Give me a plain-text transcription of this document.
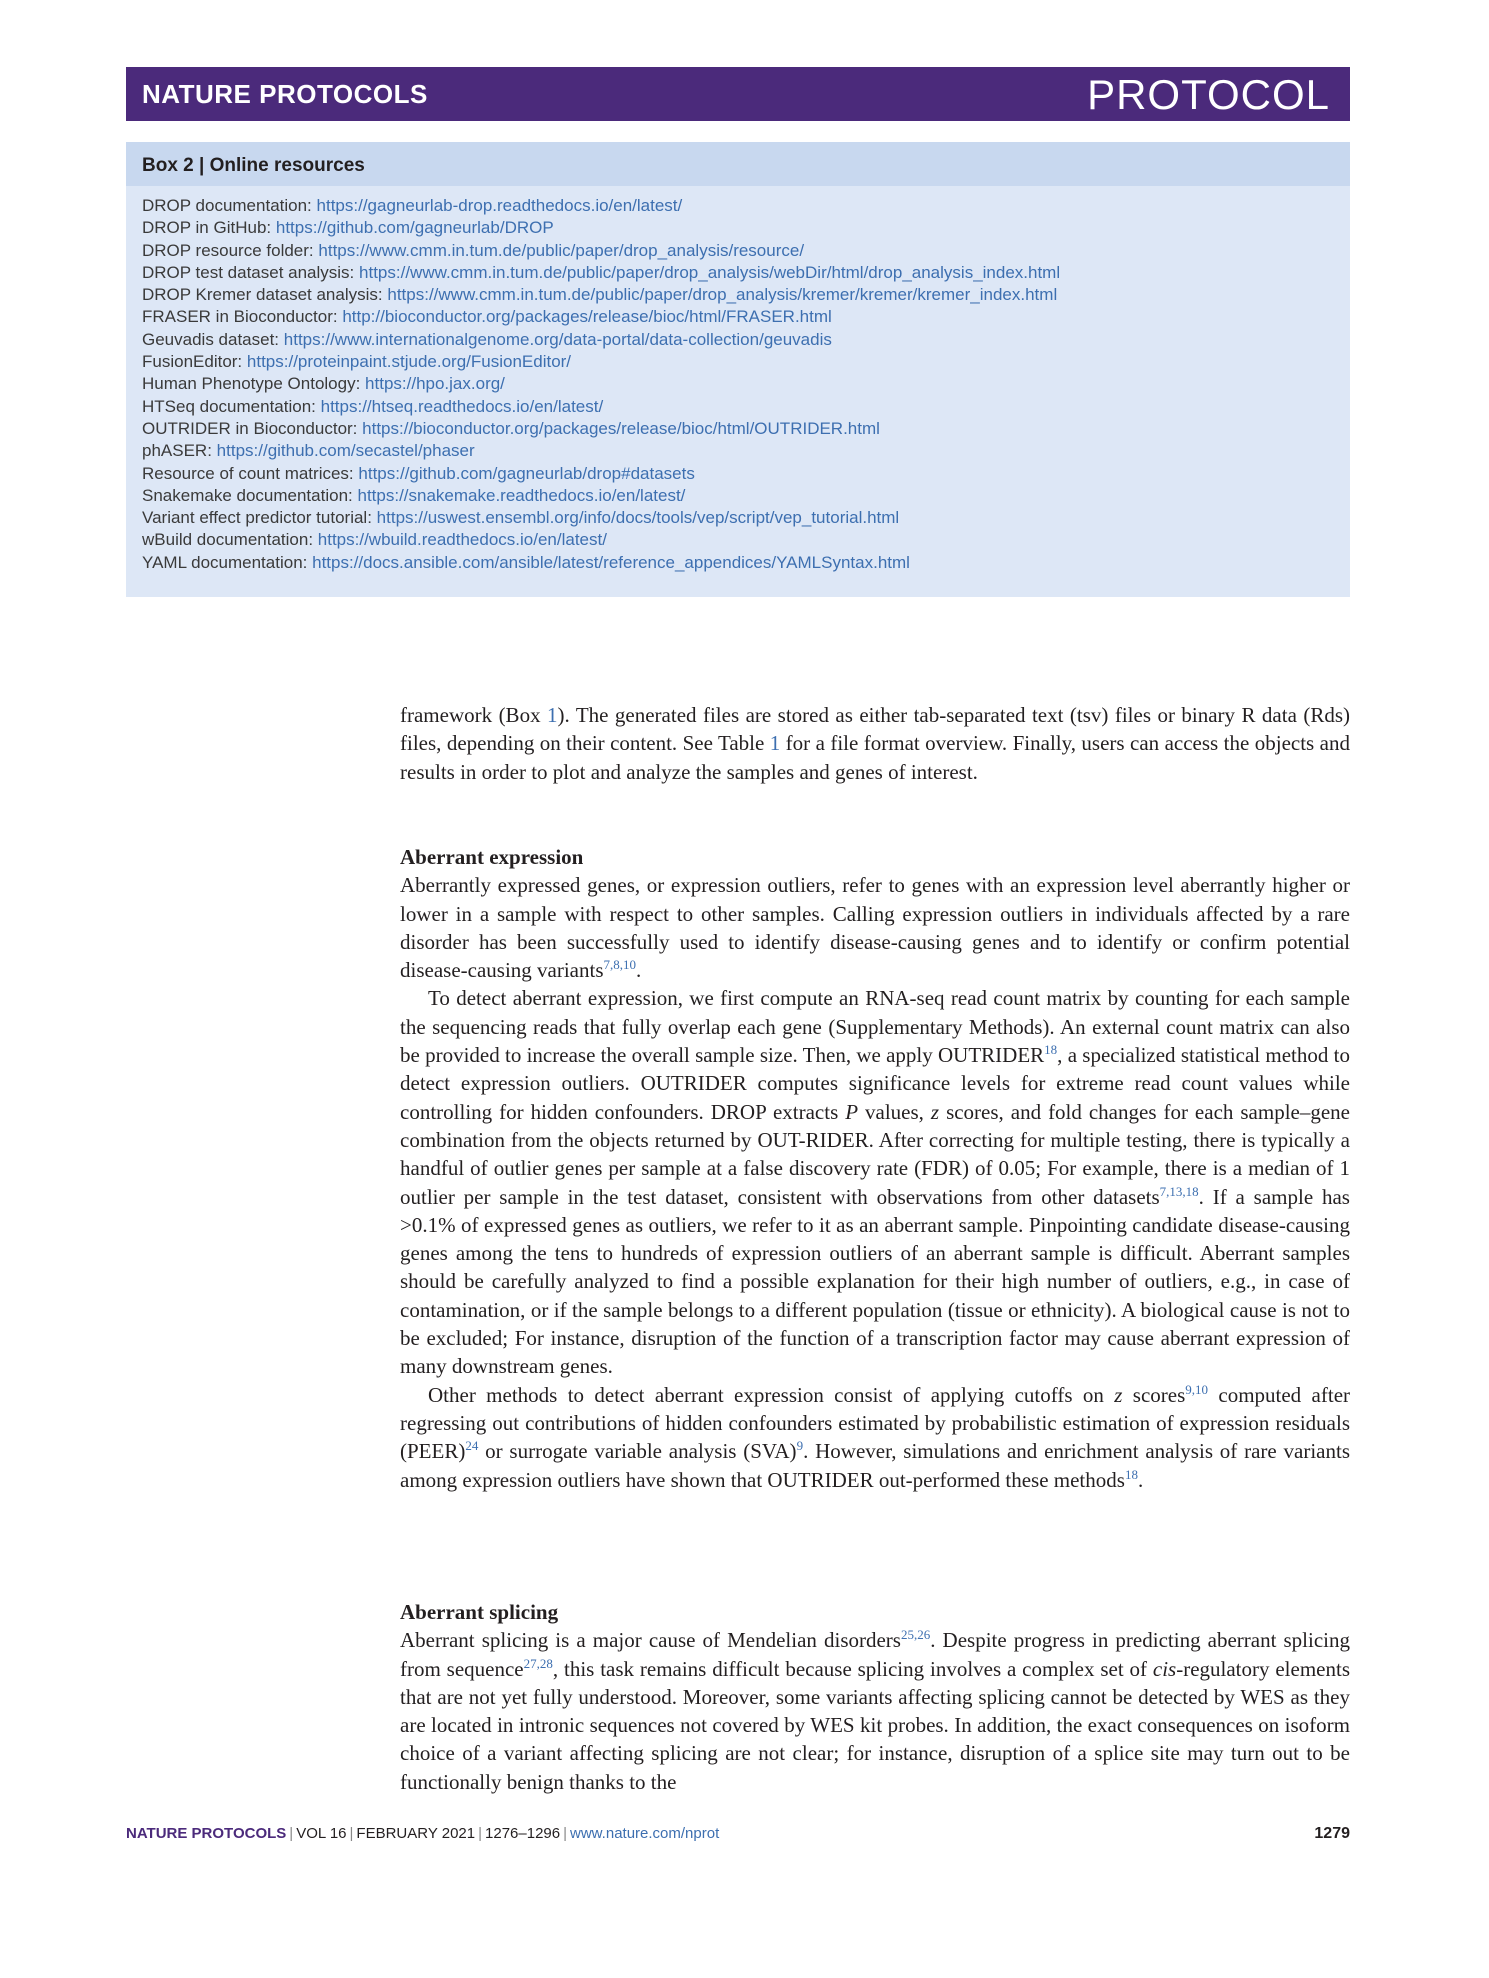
NATURE PROTOCOLS	PROTOCOL
Box 2 | Online resources
DROP documentation: https://gagneurlab-drop.readthedocs.io/en/latest/
DROP in GitHub: https://github.com/gagneurlab/DROP
DROP resource folder: https://www.cmm.in.tum.de/public/paper/drop_analysis/resource/
DROP test dataset analysis: https://www.cmm.in.tum.de/public/paper/drop_analysis/webDir/html/drop_analysis_index.html
DROP Kremer dataset analysis: https://www.cmm.in.tum.de/public/paper/drop_analysis/kremer/kremer/kremer_index.html
FRASER in Bioconductor: http://bioconductor.org/packages/release/bioc/html/FRASER.html
Geuvadis dataset: https://www.internationalgenome.org/data-portal/data-collection/geuvadis
FusionEditor: https://proteinpaint.stjude.org/FusionEditor/
Human Phenotype Ontology: https://hpo.jax.org/
HTSeq documentation: https://htseq.readthedocs.io/en/latest/
OUTRIDER in Bioconductor: https://bioconductor.org/packages/release/bioc/html/OUTRIDER.html
phASER: https://github.com/secastel/phaser
Resource of count matrices: https://github.com/gagneurlab/drop#datasets
Snakemake documentation: https://snakemake.readthedocs.io/en/latest/
Variant effect predictor tutorial: https://uswest.ensembl.org/info/docs/tools/vep/script/vep_tutorial.html
wBuild documentation: https://wbuild.readthedocs.io/en/latest/
YAML documentation: https://docs.ansible.com/ansible/latest/reference_appendices/YAMLSyntax.html

framework (Box 1). The generated files are stored as either tab-separated text (tsv) files or binary R data (Rds) files, depending on their content. See Table 1 for a file format overview. Finally, users can access the objects and results in order to plot and analyze the samples and genes of interest.

Aberrant expression

Aberrantly expressed genes, or expression outliers, refer to genes with an expression level aberrantly higher or lower in a sample with respect to other samples. Calling expression outliers in individuals affected by a rare disorder has been successfully used to identify disease-causing genes and to identify or confirm potential disease-causing variants$^{7,8,10}$.

To detect aberrant expression, we first compute an RNA-seq read count matrix by counting for each sample the sequencing reads that fully overlap each gene (Supplementary Methods). An external count matrix can also be provided to increase the overall sample size. Then, we apply OUTRIDER$^{18}$, a specialized statistical method to detect expression outliers. OUTRIDER computes significance levels for extreme read count values while controlling for hidden confounders. DROP extracts P values, z scores, and fold changes for each sample–gene combination from the objects returned by OUT-RIDER. After correcting for multiple testing, there is typically a handful of outlier genes per sample at a false discovery rate (FDR) of 0.05; For example, there is a median of 1 outlier per sample in the test dataset, consistent with observations from other datasets$^{7,13,18}$. If a sample has >0.1% of expressed genes as outliers, we refer to it as an aberrant sample. Pinpointing candidate disease-causing genes among the tens to hundreds of expression outliers of an aberrant sample is difficult. Aberrant samples should be carefully analyzed to find a possible explanation for their high number of outliers, e.g., in case of contamination, or if the sample belongs to a different population (tissue or ethnicity). A biological cause is not to be excluded; For instance, disruption of the function of a transcription factor may cause aberrant expression of many downstream genes.

Other methods to detect aberrant expression consist of applying cutoffs on z scores$^{9,10}$ computed after regressing out contributions of hidden confounders estimated by probabilistic estimation of expression residuals (PEER)$^{24}$ or surrogate variable analysis (SVA)$^9$. However, simulations and enrichment analysis of rare variants among expression outliers have shown that OUTRIDER out-performed these methods$^{18}$.

Aberrant splicing

Aberrant splicing is a major cause of Mendelian disorders$^{25,26}$. Despite progress in predicting aberrant splicing from sequence$^{27,28}$, this task remains difficult because splicing involves a complex set of cis-regulatory elements that are not yet fully understood. Moreover, some variants affecting splicing cannot be detected by WES as they are located in intronic sequences not covered by WES kit probes. In addition, the exact consequences on isoform choice of a variant affecting splicing are not clear; for instance, disruption of a splice site may turn out to be functionally benign thanks to the

NATURE PROTOCOLS | VOL 16 | FEBRUARY 2021 | 1276–1296 | www.nature.com/nprot	1279
